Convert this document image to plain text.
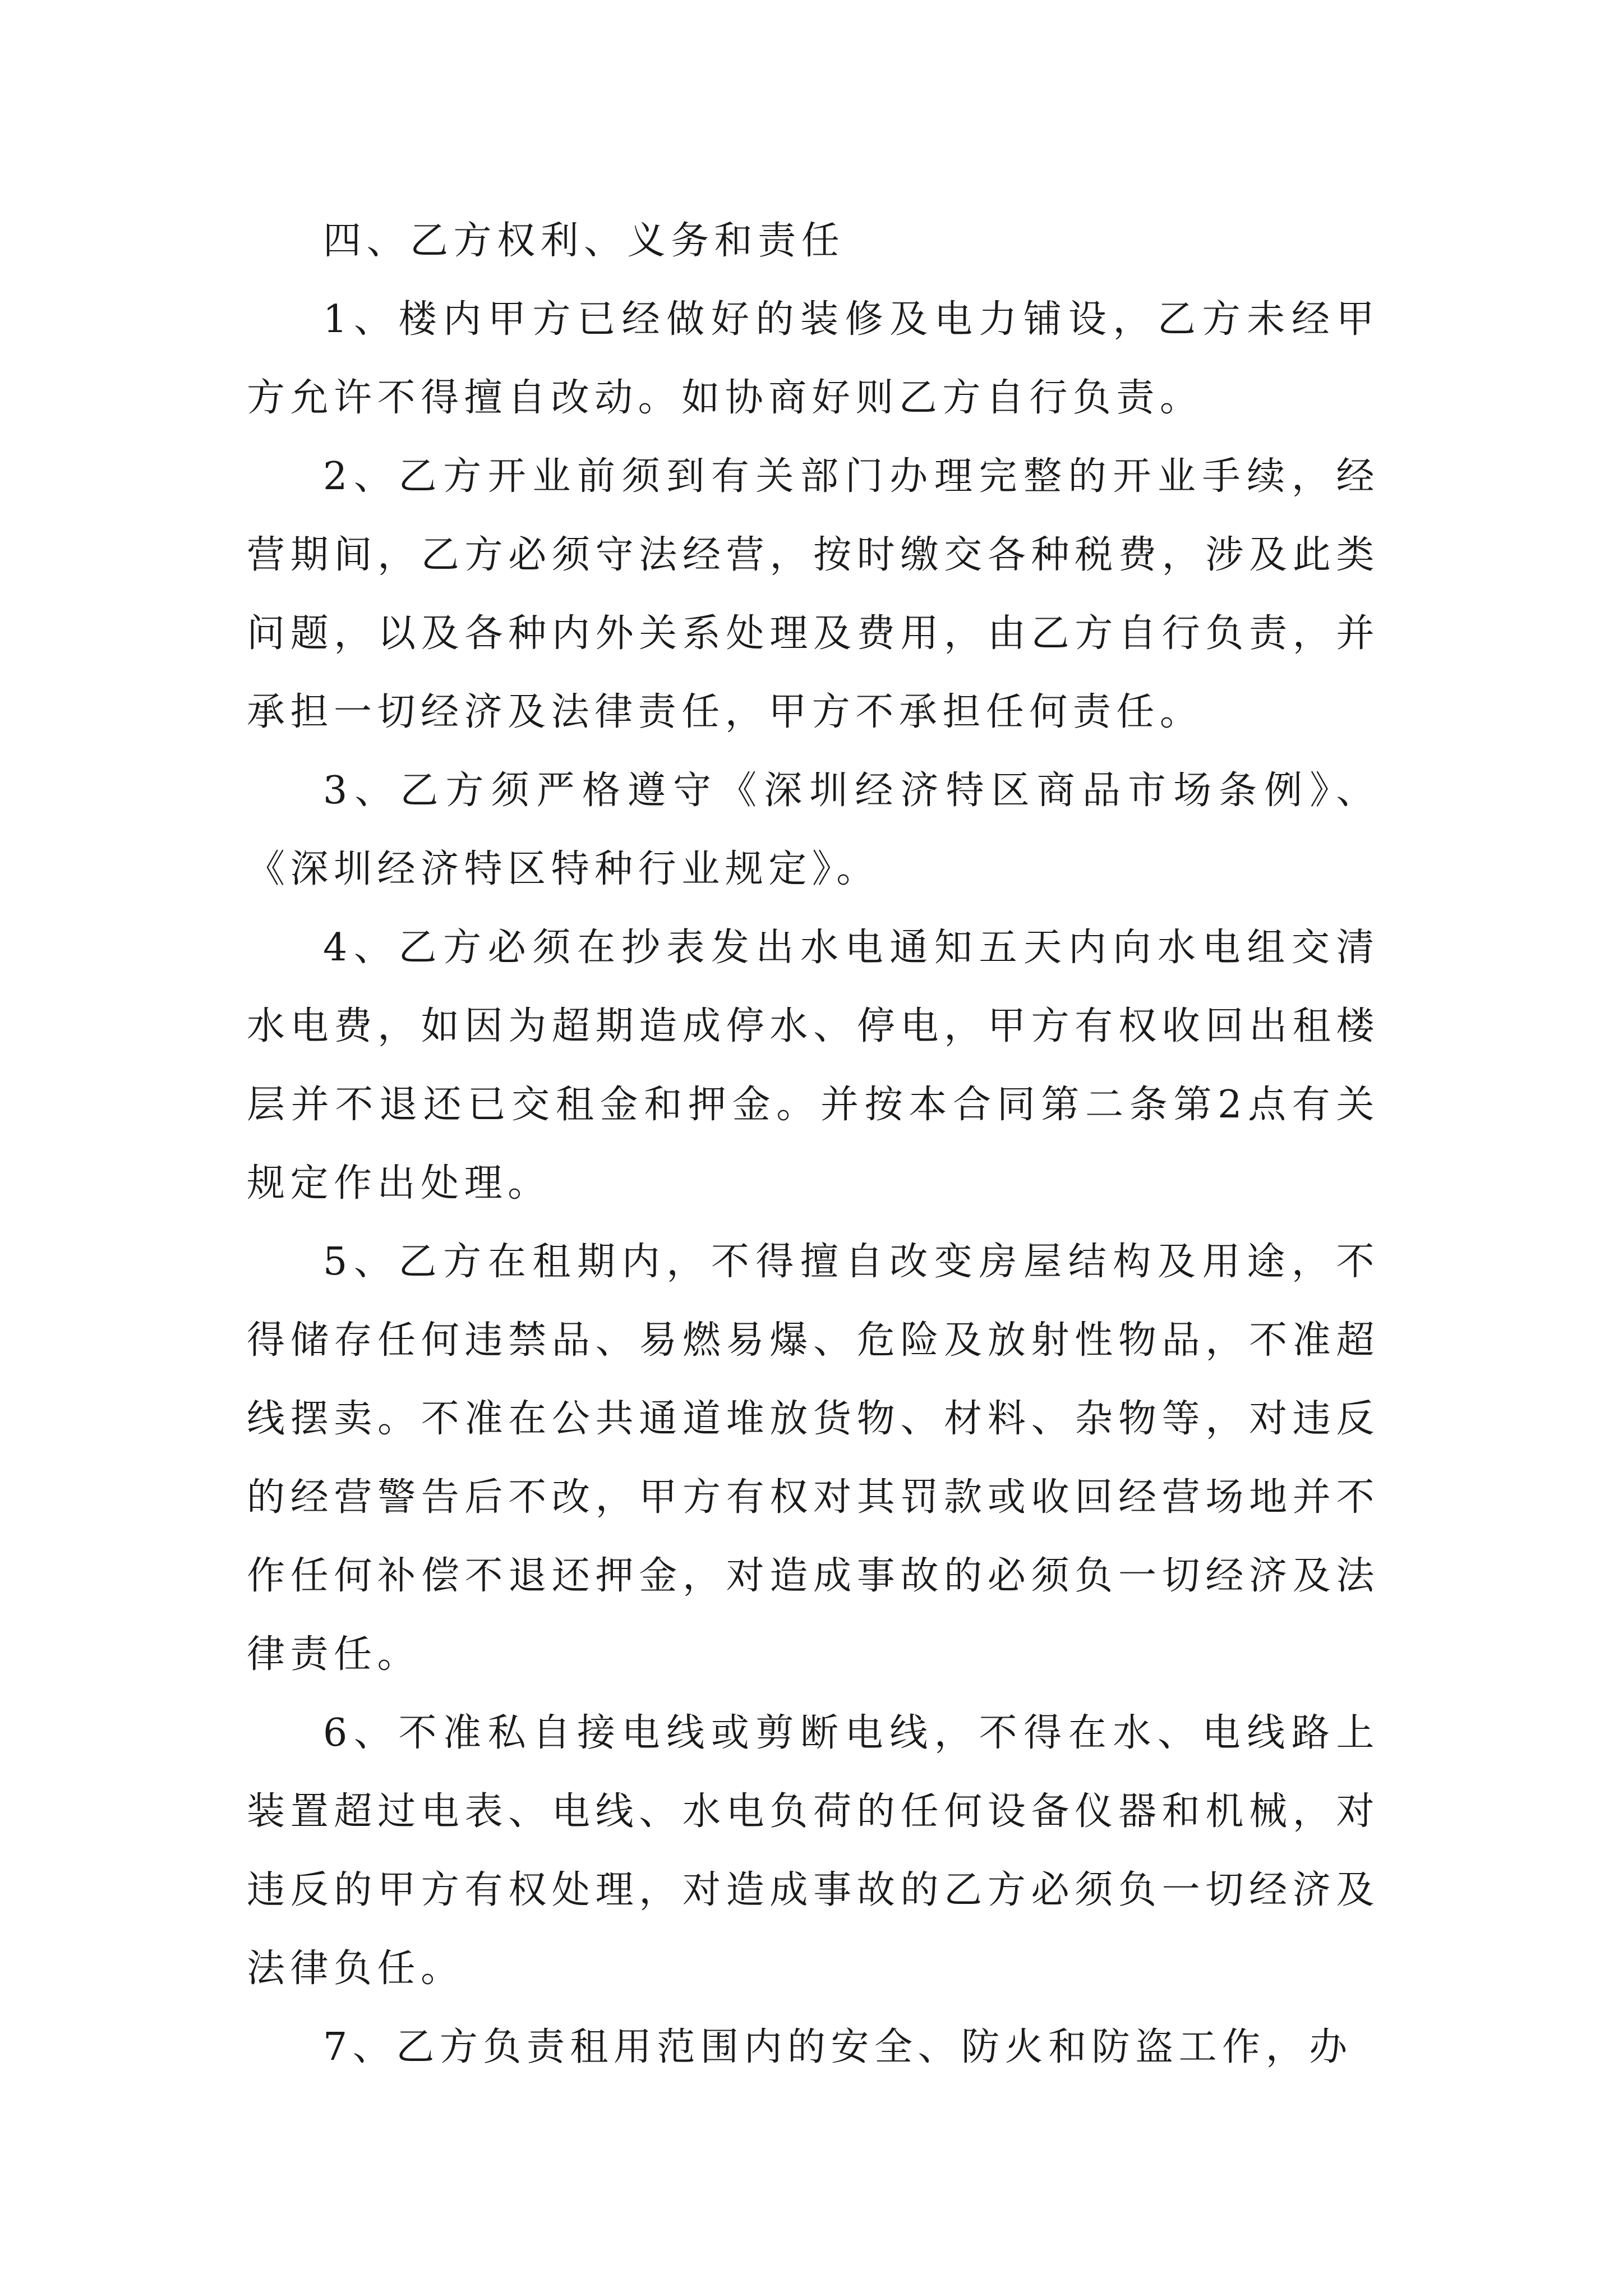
四、乙方权利、义务和责任

1、楼内甲方已经做好的装修及电力铺设，乙方未经甲方允许不得擅自改动。如协商好则乙方自行负责。

2、乙方开业前须到有关部门办理完整的开业手续，经营期间，乙方必须守法经营，按时缴交各种税费，涉及此类问题，以及各种内外关系处理及费用，由乙方自行负责，并承担一切经济及法律责任，甲方不承担任何责任。

3、乙方须严格遵守《深圳经济特区商品市场条例》、《深圳经济特区特种行业规定》。

4、乙方必须在抄表发出水电通知五天内向水电组交清水电费，如因为超期造成停水、停电，甲方有权收回出租楼层并不退还已交租金和押金。并按本合同第二条第2点有关规定作出处理。

5、乙方在租期内，不得擅自改变房屋结构及用途，不得储存任何违禁品、易燃易爆、危险及放射性物品，不准超线摆卖。不准在公共通道堆放货物、材料、杂物等，对违反的经营警告后不改，甲方有权对其罚款或收回经营场地并不作任何补偿不退还押金，对造成事故的必须负一切经济及法律责任。

6、不准私自接电线或剪断电线，不得在水、电线路上装置超过电表、电线、水电负荷的任何设备仪器和机械，对违反的甲方有权处理，对造成事故的乙方必须负一切经济及法律负任。

7、乙方负责租用范围内的安全、防火和防盗工作，办
